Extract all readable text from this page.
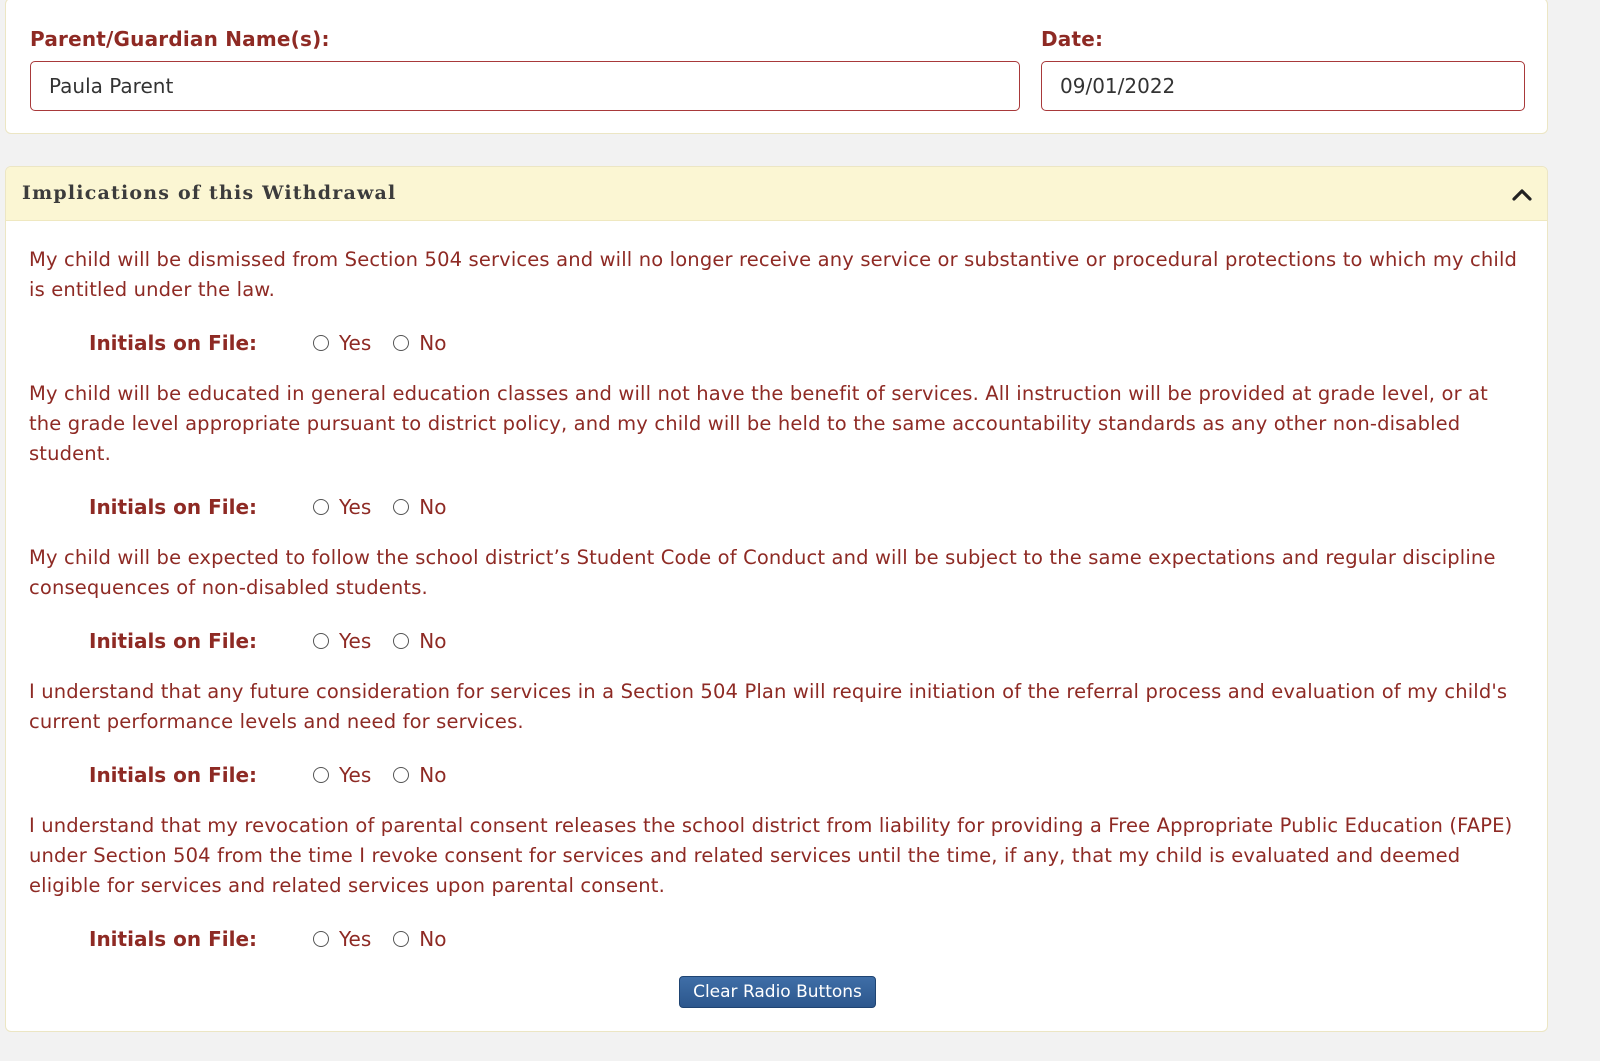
Parent/Guardian Name(s):
Paula Parent	Date:
09/01/2022
Implications of this Withdrawal

My child will be dismissed from Section 504 services and will no longer receive any service or substantive or procedural protections to which my child is entitled under the law.

Initials on File:	Yes No

My child will be educated in general education classes and will not have the benefit of services. All instruction will be provided at grade level, or at the grade level appropriate pursuant to district policy, and my child will be held to the same accountability standards as any other non-disabled student.

Initials on File:	Yes No

My child will be expected to follow the school district’s Student Code of Conduct and will be subject to the same expectations and regular discipline consequences of non-disabled students.

Initials on File:	Yes No

I understand that any future consideration for services in a Section 504 Plan will require initiation of the referral process and evaluation of my child's current performance levels and need for services.

Initials on File:	Yes No

I understand that my revocation of parental consent releases the school district from liability for providing a Free Appropriate Public Education (FAPE) under Section 504 from the time I revoke consent for services and related services until the time, if any, that my child is evaluated and deemed eligible for services and related services upon parental consent.

Initials on File:	Yes No
Clear Radio Buttons
